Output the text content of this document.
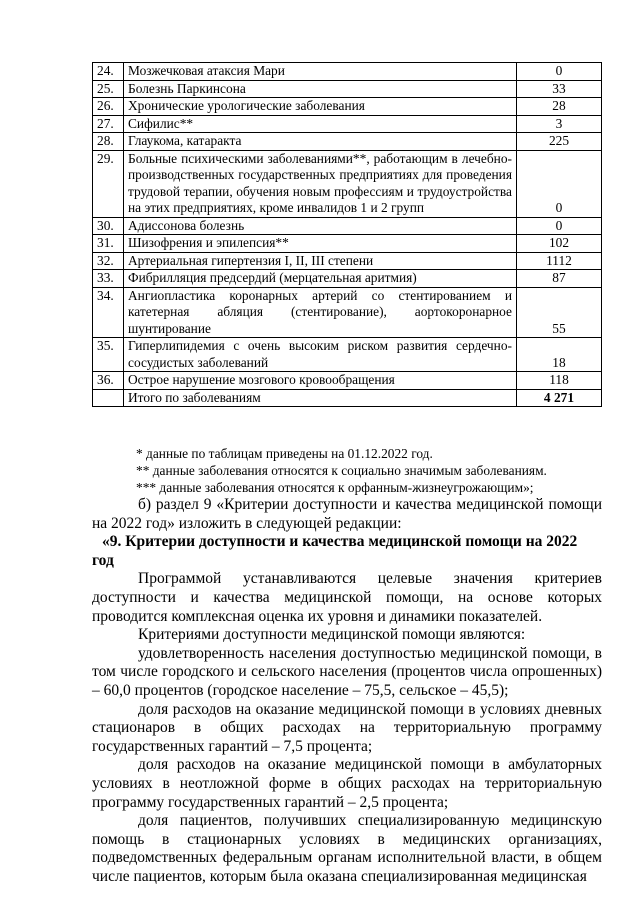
24.	Мозжечковая атаксия Мари	0
25.	Болезнь Паркинсона	33
26.	Хронические урологические заболевания	28
27.	Сифилис**	3
28.	Глаукома, катаракта	225
29.	Больные психическими заболеваниями**, работающим в лечебно-производственных государственных предприятиях для проведения трудовой терапии, обучения новым профессиям и трудоустройства на этих предприятиях, кроме инвалидов 1 и 2 групп	0
30.	Адиссонова болезнь	0
31.	Шизофрения и эпилепсия**	102
32.	Артериальная гипертензия I, II, III степени	1112
33.	Фибрилляция предсердий (мерцательная аритмия)	87
34.	Ангиопластика коронарных артерий со стентированием и катетерная абляция (стентирование), аортокоронарное шунтирование	55
35.	Гиперлипидемия с очень высоким риском развития сердечно-сосудистых заболеваний	18
36.	Острое нарушение мозгового кровообращения	118
	Итого по заболеваниям	4 271
* данные по таблицам приведены на 01.12.2022 год.
** данные заболевания относятся к социально значимым заболеваниям.
*** данные заболевания относятся к орфанным-жизнеугрожающим»;

б) раздел 9 «Критерии доступности и качества медицинской помощи на 2022 год» изложить в следующей редакции:

«9. Критерии доступности и качества медицинской помощи на 2022 год

Программой устанавливаются целевые значения критериев доступности и качества медицинской помощи, на основе которых проводится комплексная оценка их уровня и динамики показателей.

Критериями доступности медицинской помощи являются:

удовлетворенность населения доступностью медицинской помощи, в том числе городского и сельского населения (процентов числа опрошенных) – 60,0 процентов (городское население – 75,5, сельское – 45,5);

доля расходов на оказание медицинской помощи в условиях дневных стационаров в общих расходах на территориальную программу государственных гарантий – 7,5 процента;

доля расходов на оказание медицинской помощи в амбулаторных условиях в неотложной форме в общих расходах на территориальную программу государственных гарантий – 2,5 процента;

доля пациентов, получивших специализированную медицинскую помощь в стационарных условиях в медицинских организациях, подведомственных федеральным органам исполнительной власти, в общем числе пациентов, которым была оказана специализированная медицинская
